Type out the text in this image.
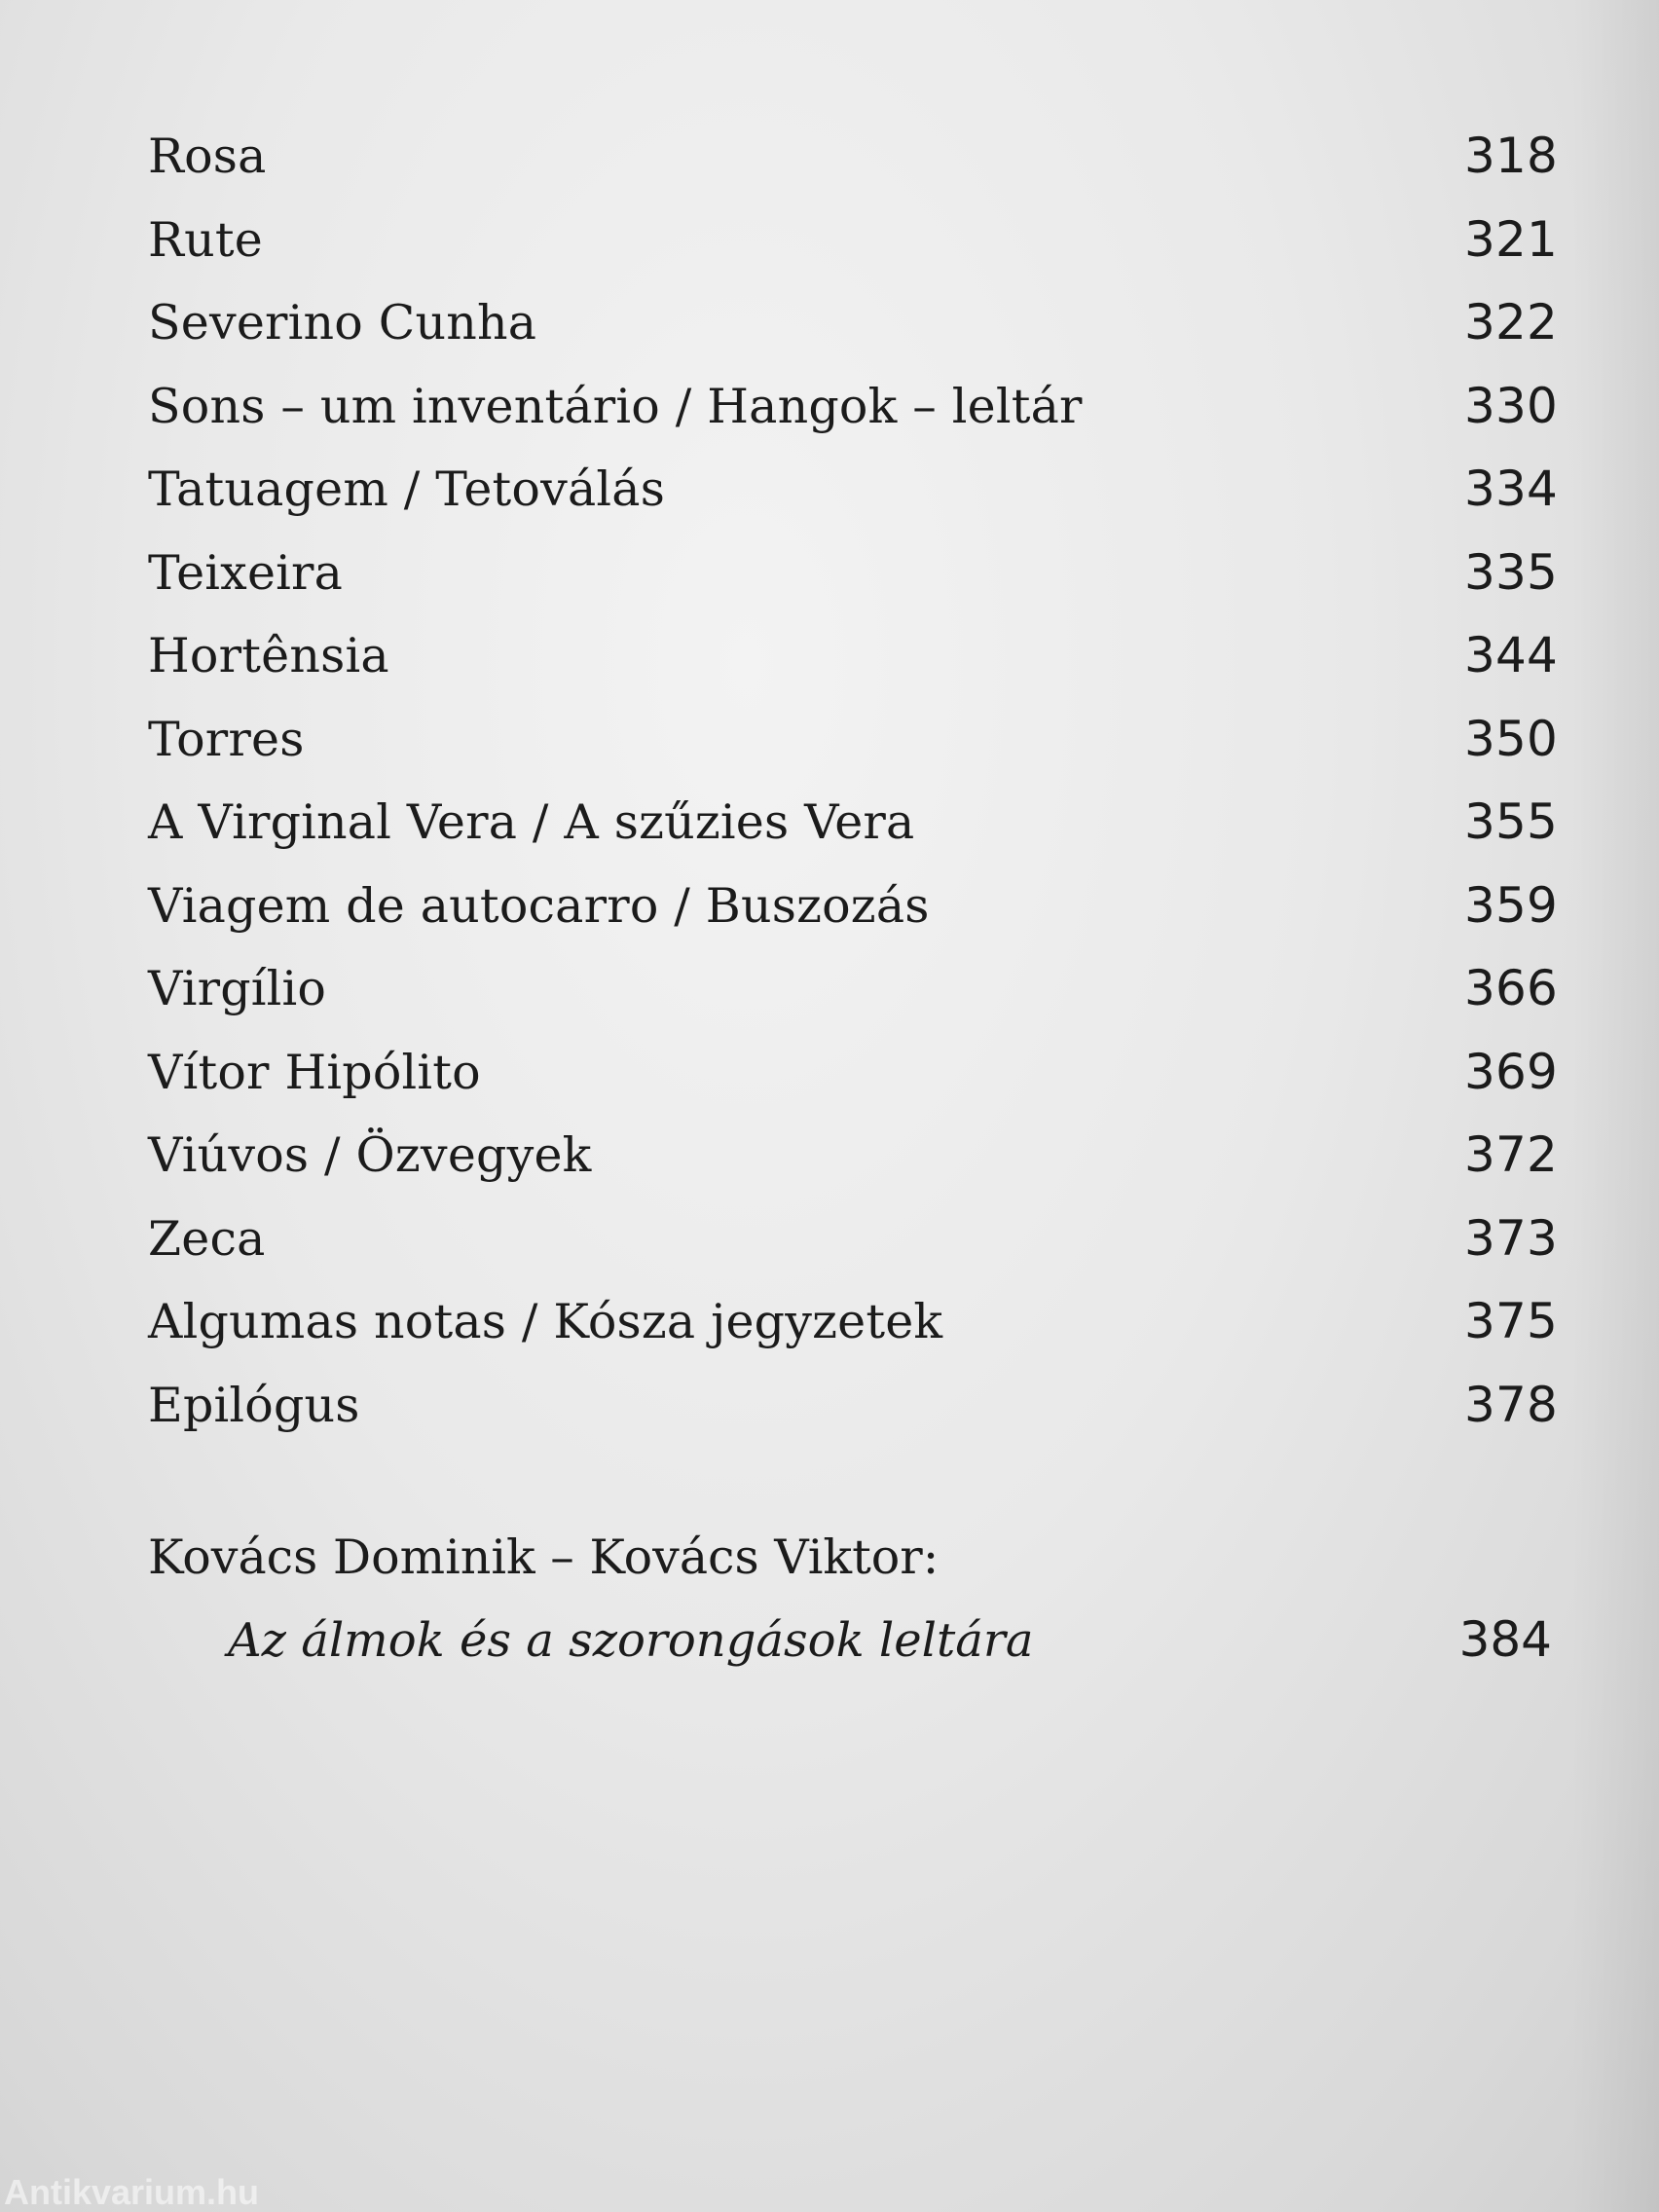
Rosa	318
Rute	321
Severino Cunha	322
Sons – um inventário / Hangok – leltár	330
Tatuagem / Tetoválás	334
Teixeira	335
Hortênsia	344
Torres	350
A Virginal Vera / A szűzies Vera	355
Viagem de autocarro / Buszozás	359
Virgílio	366
Vítor Hipólito	369
Viúvos / Özvegyek	372
Zeca	373
Algumas notas / Kósza jegyzetek	375
Epilógus	378
Kovács Dominik – Kovács Viktor:
Az álmok és a szorongások leltára	384
Antikvarium.hu
